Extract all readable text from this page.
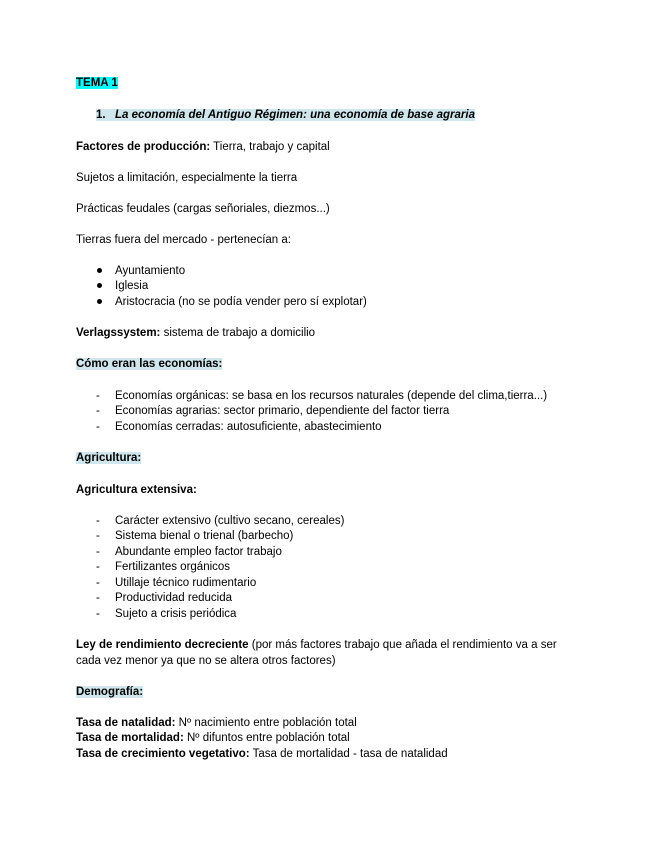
TEMA 1
1. La economía del Antiguo Régimen: una economía de base agraria
Factores de producción: Tierra, trabajo y capital
Sujetos a limitación, especialmente la tierra
Prácticas feudales (cargas señoriales, diezmos...)
Tierras fuera del mercado - pertenecían a:
Ayuntamiento
Iglesia
Aristocracia (no se podía vender pero sí explotar)
Verlagssystem: sistema de trabajo a domicilio
Cómo eran las economías:
- Economías orgánicas: se basa en los recursos naturales (depende del clima,tierra...)
- Economías agrarias: sector primario, dependiente del factor tierra
- Economías cerradas: autosuficiente, abastecimiento
Agricultura:
Agricultura extensiva:
- Carácter extensivo (cultivo secano, cereales)
- Sistema bienal o trienal (barbecho)
- Abundante empleo factor trabajo
- Fertilizantes orgánicos
- Utillaje técnico rudimentario
- Productividad reducida
- Sujeto a crisis periódica
Ley de rendimiento decreciente (por más factores trabajo que añada el rendimiento va a ser
cada vez menor ya que no se altera otros factores)
Demografía:
Tasa de natalidad: Nº nacimiento entre población total
Tasa de mortalidad: Nº difuntos entre población total
Tasa de crecimiento vegetativo: Tasa de mortalidad - tasa de natalidad
